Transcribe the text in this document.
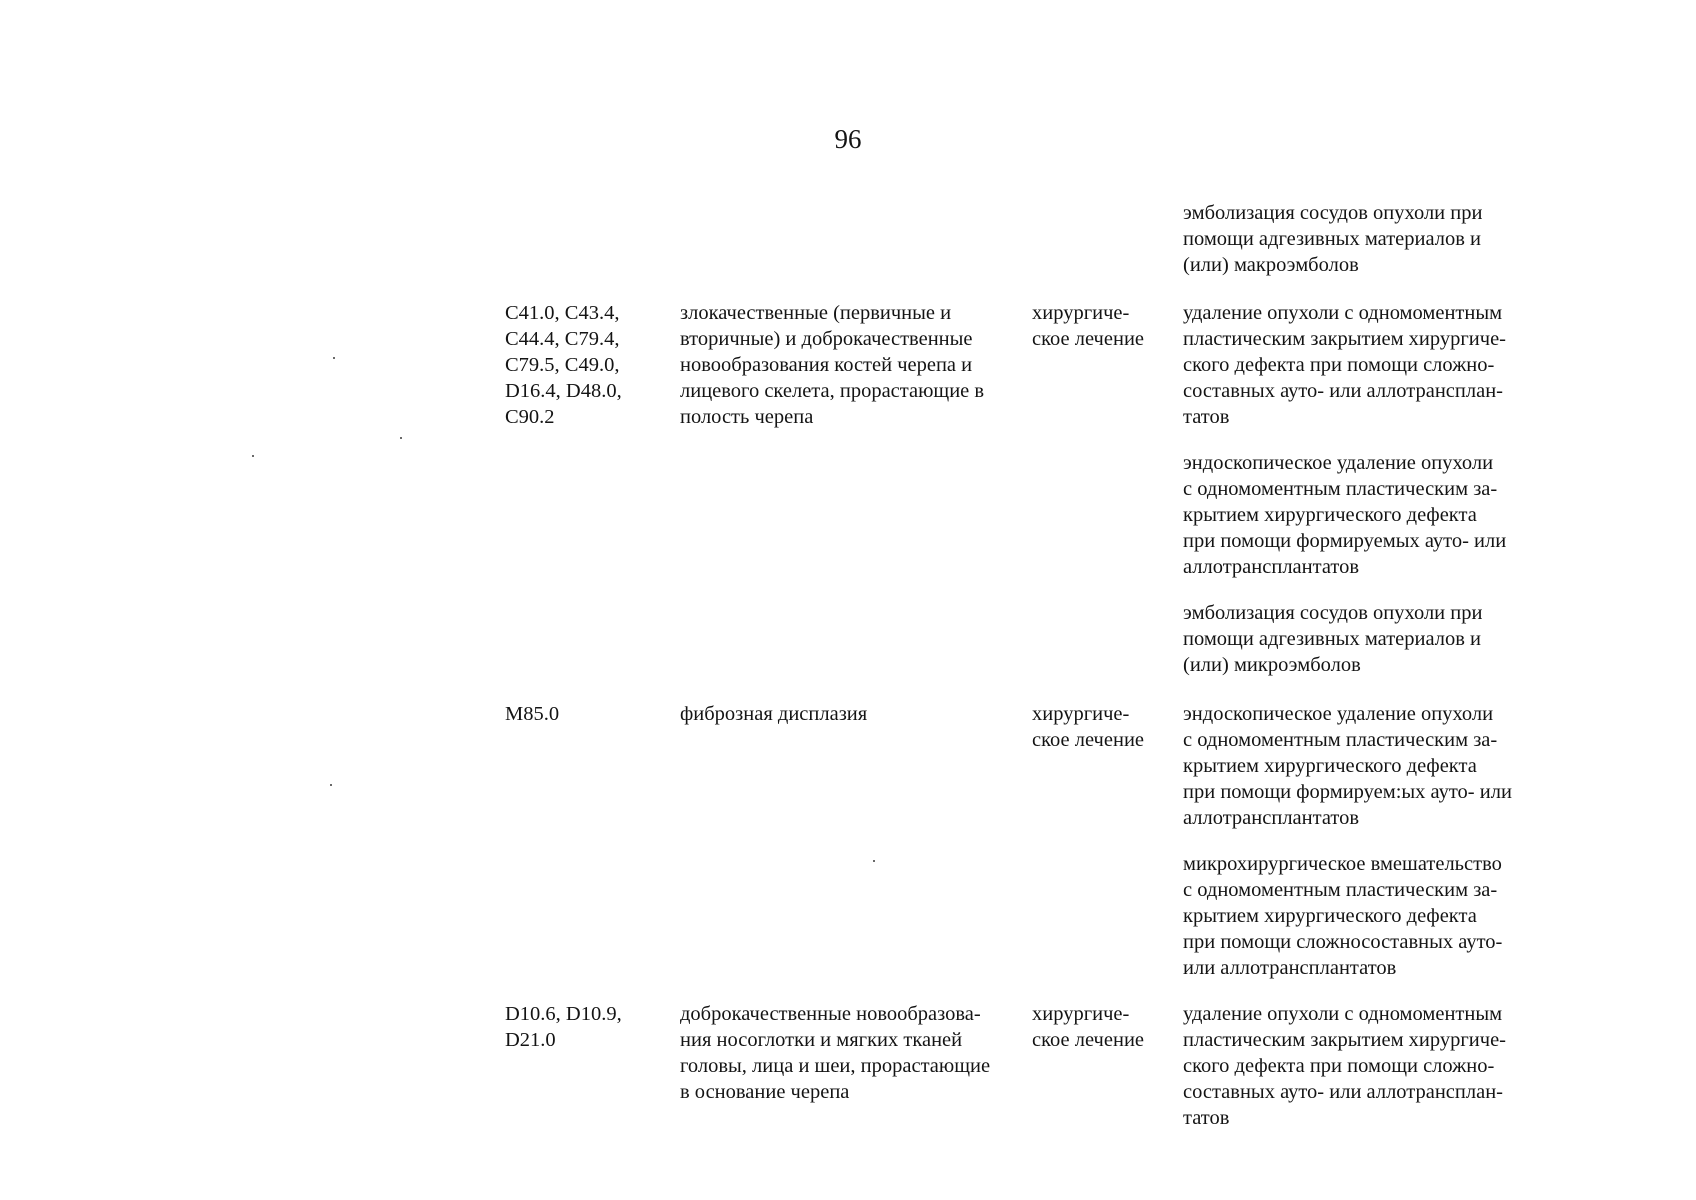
96
эмболизация сосудов опухоли при
помощи адгезивных материалов и
(или) макроэмболов
C41.0, C43.4,
C44.4, C79.4,
C79.5, C49.0,
D16.4, D48.0,
C90.2
злокачественные (первичные и
вторичные) и доброкачественные
новообразования костей черепа и
лицевого скелета, прорастающие в
полость черепа
хирургиче-
ское лечение
удаление опухоли с одномоментным
пластическим закрытием хирургиче-
ского дефекта при помощи сложно-
составных ауто- или аллотрансплан-
татов
эндоскопическое удаление опухоли
с одномоментным пластическим за-
крытием хирургического дефекта
при помощи формируемых ауто- или
аллотрансплантатов
эмболизация сосудов опухоли при
помощи адгезивных материалов и
(или) микроэмболов
M85.0	фиброзная дисплазия	хирургиче-
ское лечение
эндоскопическое удаление опухоли
с одномоментным пластическим за-
крытием хирургического дефекта
при помощи формируем:ых ауто- или
аллотрансплантатов
микрохирургическое вмешательство
с одномоментным пластическим за-
крытием хирургического дефекта
при помощи сложносоставных ауто-
или аллотрансплантатов
D10.6, D10.9,
D21.0
доброкачественные новообразова-
ния носоглотки и мягких тканей
головы, лица и шеи, прорастающие
в основание черепа
хирургиче-
ское лечение
удаление опухоли с одномоментным
пластическим закрытием хирургиче-
ского дефекта при помощи сложно-
составных ауто- или аллотрансплан-
татов
